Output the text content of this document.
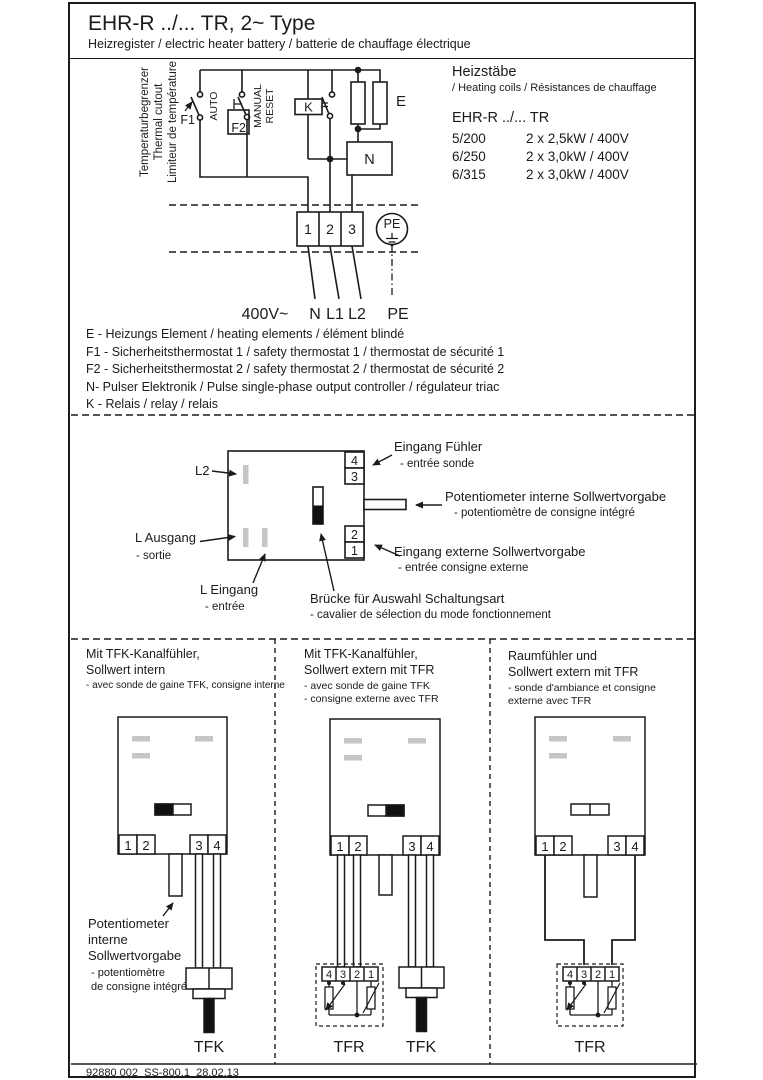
EHR-R ../... TR, 2~ Type
Heizregister / electric heater battery / batterie de chauffage électrique
E
F1
F2
AUTO	MANUAL RESET K
N
1 2 3 PE
400V~ N L1 L2 PE
Temperaturbegrenzer Thermal cutout Limiteur de température
4
3
2
1
1 2	3 4
TFK
1 2	3 4
4 3 2 1
TFR	TFK
1 2	3 4
4 3 2 1
TFR
Heizstäbe
/ Heating coils / Résistances de chauffage
EHR-R ../... TR
5/200	2 x 2,5kW / 400V
6/250	2 x 3,0kW / 400V
6/315	2 x 3,0kW / 400V
E - Heizungs Element / heating elements / élément blindé
F1 - Sicherheitsthermostat 1 / safety thermostat 1 / thermostat de sécurité 1
F2 - Sicherheitsthermostat 2 / safety thermostat 2 / thermostat de sécurité 2
N- Pulser Elektronik / Pulse single-phase output controller / régulateur triac
K - Relais / relay / relais
L2
Eingang Fühler
- entrée sonde
Potentiometer interne Sollwertvorgabe
- potentiomètre de consigne intégré
Eingang externe Sollwertvorgabe
- entrée consigne externe
L Ausgang
- sortie
L Eingang
- entrée
Brücke für Auswahl Schaltungsart
- cavalier de sélection du mode fonctionnement
Mit TFK-Kanalfühler,
Sollwert intern
- avec sonde de gaine TFK, consigne interne
Mit TFK-Kanalfühler,
Sollwert extern mit TFR
- avec sonde de gaine TFK
- consigne externe avec TFR
Raumfühler und
Sollwert extern mit TFR
- sonde d'ambiance et consigne
externe avec TFR
Potentiometer
interne
Sollwertvorgabe
- potentiomètre
de consigne intégré
92880 002  SS-800,1  28.02.13
